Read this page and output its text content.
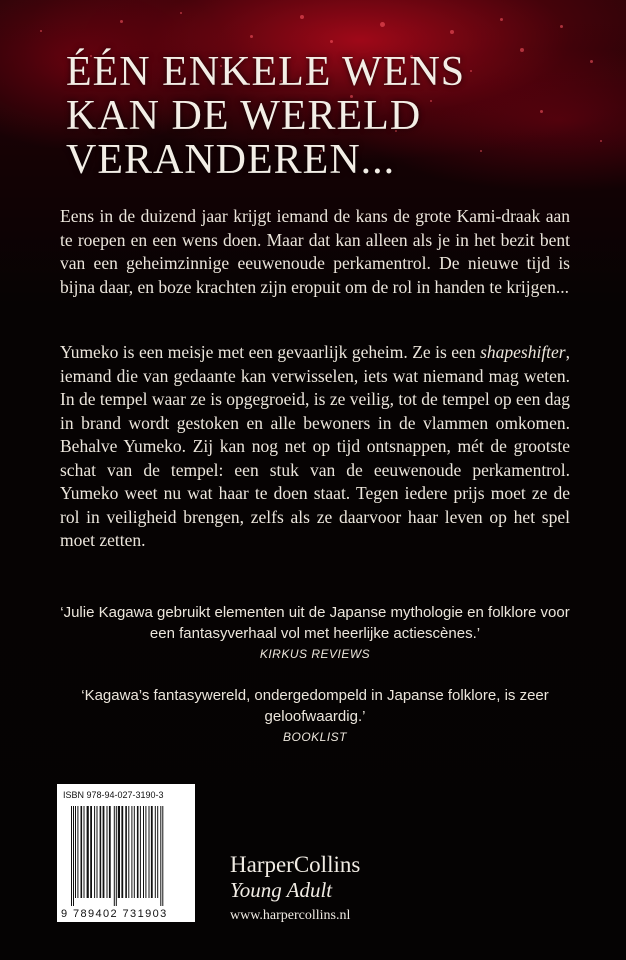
ÉÉN ENKELE WENS
KAN DE WERELD
VERANDEREN...

Eens in de duizend jaar krijgt iemand de kans de grote Kami-draak aan te roepen en een wens doen. Maar dat kan alleen als je in het bezit bent van een geheimzinnige eeuwenoude perkamentrol. De nieuwe tijd is bijna daar, en boze krachten zijn eropuit om de rol in handen te krijgen...

Yumeko is een meisje met een gevaarlijk geheim. Ze is een shapeshifter, iemand die van gedaante kan verwisselen, iets wat niemand mag weten. In de tempel waar ze is opgegroeid, is ze veilig, tot de tempel op een dag in brand wordt gestoken en alle bewoners in de vlammen omkomen. Behalve Yumeko. Zij kan nog net op tijd ontsnappen, mét de grootste schat van de tempel: een stuk van de eeuwenoude perkamentrol. Yumeko weet nu wat haar te doen staat. Tegen iedere prijs moet ze de rol in veiligheid brengen, zelfs als ze daarvoor haar leven op het spel moet zetten.

‘Julie Kagawa gebruikt elementen uit de Japanse mythologie en folklore voor een fantasyverhaal vol met heerlijke actiescènes.’
KIRKUS REVIEWS
‘Kagawa’s fantasywereld, ondergedompeld in Japanse folklore, is zeer geloofwaardig.’
BOOKLIST
ISBN 978-94-027-3190-3
9 789402 731903
HarperCollins
Young Adult
www.harpercollins.nl
